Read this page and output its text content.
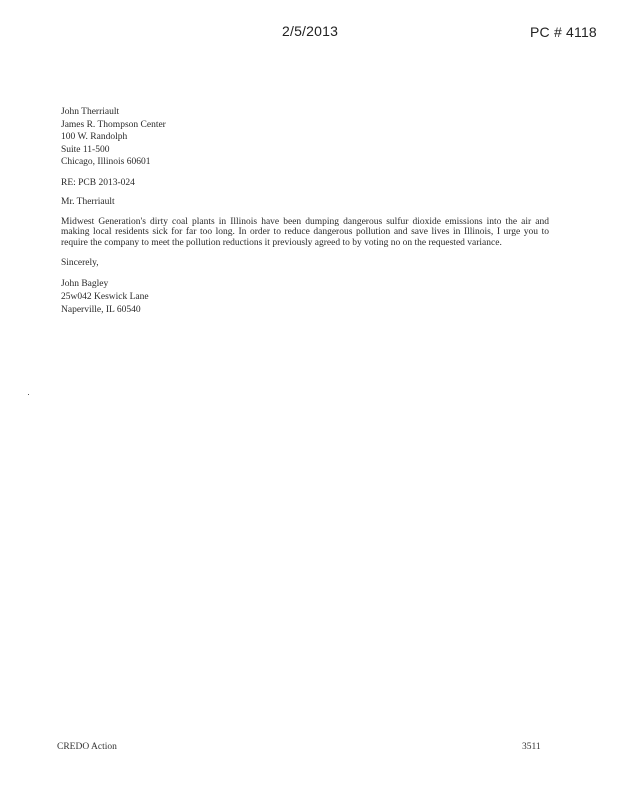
2/5/2013	PC # 4118
John Therriault
James R. Thompson Center
100 W. Randolph
Suite 11-500
Chicago, Illinois 60601
RE: PCB 2013-024
Mr. Therriault
Midwest Generation's dirty coal plants in Illinois have been dumping dangerous sulfur dioxide emissions into the air and making local residents sick for far too long. In order to reduce dangerous pollution and save lives in Illinois, I urge you to require the company to meet the pollution reductions it previously agreed to by voting no on the requested variance.
Sincerely,
John Bagley
25w042 Keswick Lane
Naperville, IL 60540
CREDO Action	3511
